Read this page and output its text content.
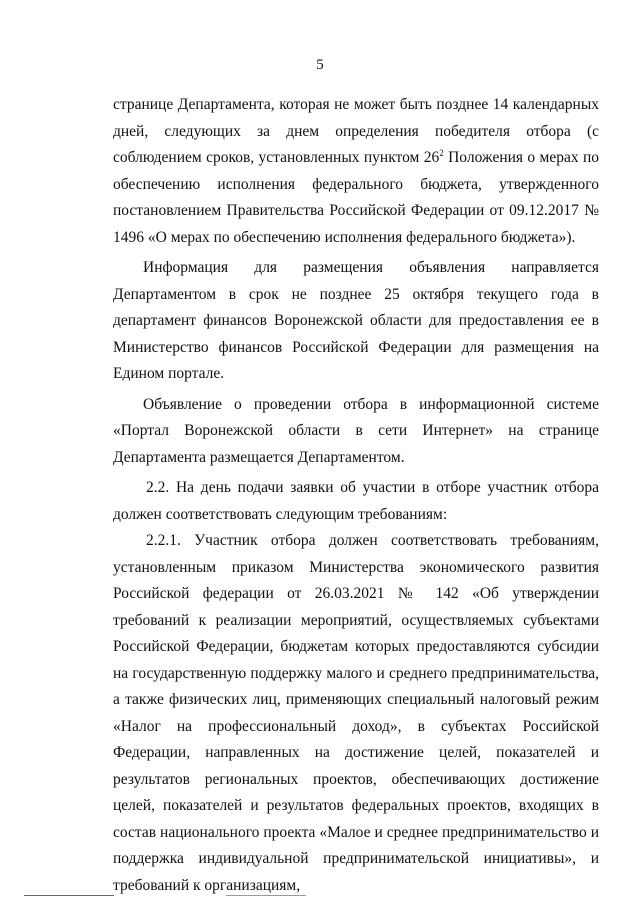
5

странице Департамента, которая не может быть позднее 14 календарных дней, следующих за днем определения победителя отбора (с соблюдением сроков, установленных пунктом $26^2$ Положения о мерах по обеспечению исполнения федерального бюджета, утвержденного постановлением Правительства Российской Федерации от 09.12.2017 № 1496 «О мерах по обеспечению исполнения федерального бюджета»).

Информация для размещения объявления направляется Департаментом в срок не позднее 25 октября текущего года в департамент финансов Воронежской области для предоставления ее в Министерство финансов Российской Федерации для размещения на Едином портале.

Объявление о проведении отбора в информационной системе «Портал Воронежской области в сети Интернет» на странице Департамента размещается Департаментом.

2.2. На день подачи заявки об участии в отборе участник отбора должен соответствовать следующим требованиям:

2.2.1. Участник отбора должен соответствовать требованиям, установленным приказом Министерства экономического развития Российской федерации от 26.03.2021 № 142 «Об утверждении требований к реализации мероприятий, осуществляемых субъектами Российской Федерации, бюджетам которых предоставляются субсидии на государственную поддержку малого и среднего предпринимательства, а также физических лиц, применяющих специальный налоговый режим «Налог на профессиональный доход», в субъектах Российской Федерации, направленных на достижение целей, показателей и результатов региональных проектов, обеспечивающих достижение целей, показателей и результатов федеральных проектов, входящих в состав национального проекта «Малое и среднее предпринимательство и поддержка индивидуальной предпринимательской инициативы», и требований к организациям,
